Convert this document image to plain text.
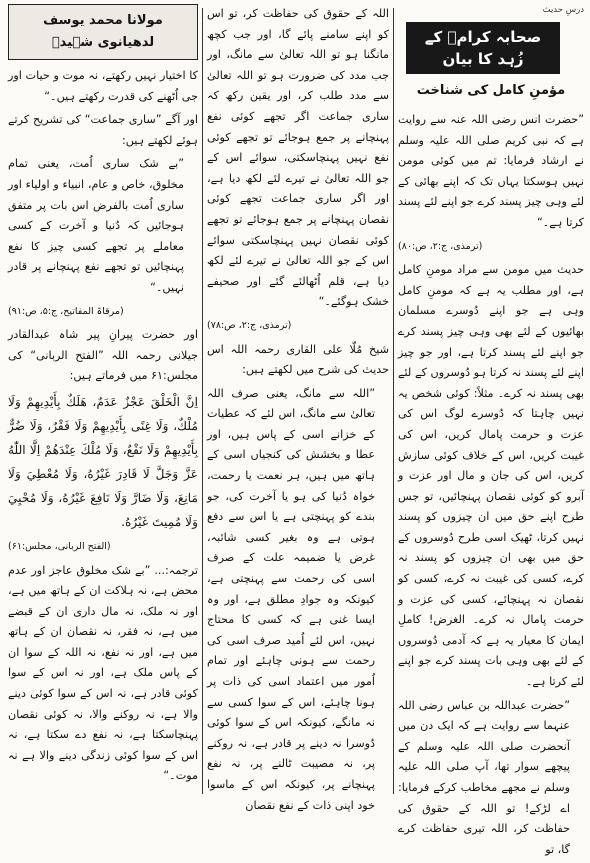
درسِ حدیث
صحابہ کرامؓ کے زُہد کا بیان
مؤمنِ کامل کی شناخت

”حضرت انس رضی اللہ عنہ سے روایت ہے کہ نبی کریم صلی اللہ علیہ وسلم نے ارشاد فرمایا: تم میں کوئی مومن نہیں ہوسکتا یہاں تک کہ اپنے بھائی کے لئے وہی چیز پسند کرے جو اپنے لئے پسند کرتا ہے۔“

(ترمذی، ج:۲، ص:۸۰)

حدیث میں مومن سے مراد مومنِ کامل ہے، اور مطلب یہ ہے کہ مومنِ کامل وہی ہے جو اپنے دُوسرے مسلمان بھائیوں کے لئے بھی وہی چیز پسند کرے جو اپنے لئے پسند کرتا ہے، اور جو چیز اپنے لئے پسند نہ کرتا ہو دُوسروں کے لئے بھی پسند نہ کرے۔ مثلاً: کوئی شخص یہ نہیں چاہتا کہ دُوسرے لوگ اس کی عزت و حرمت پامال کریں، اس کی غیبت کریں، اس کے خلاف کوئی سازش کریں، اس کی جان و مال اور عزت و آبرو کو کوئی نقصان پہنچائیں، تو جس طرح اپنے حق میں ان چیزوں کو پسند نہیں کرتا، ٹھیک اسی طرح دُوسروں کے حق میں بھی ان چیزوں کو پسند نہ کرے، کسی کی غیبت نہ کرے، کسی کو نقصان نہ پہنچائے، کسی کی عزت و حرمت پامال نہ کرے۔ الغرض! کاملِ ایمان کا معیار یہ ہے کہ آدمی دُوسروں کے لئے بھی وہی بات پسند کرے جو اپنے لئے کرتا ہے۔

”حضرت عبداللہ بن عباس رضی اللہ عنہما سے روایت ہے کہ ایک دن میں آنحضرت صلی اللہ علیہ وسلم کے پیچھے سوار تھا، آپ صلی اللہ علیہ وسلم نے مجھے مخاطب کرکے فرمایا: اے لڑکے! تو اللہ کے حقوق کی حفاظت کر، اللہ تیری حفاظت کرے گا، تو

اللہ کے حقوق کی حفاظت کر، تو اس کو اپنے سامنے پائے گا، اور جب کچھ مانگنا ہو تو اللہ تعالیٰ سے مانگ، اور جب مدد کی ضرورت ہو تو اللہ تعالیٰ سے مدد طلب کر، اور یقین رکھ کہ ساری جماعت اگر تجھے کوئی نفع پہنچانے پر جمع ہوجائے تو تجھے کوئی نفع نہیں پہنچاسکتی، سوائے اس کے جو اللہ تعالیٰ نے تیرے لئے لکھ دیا ہے، اور اگر ساری جماعت تجھے کوئی نقصان پہنچانے پر جمع ہوجائے تو تجھے کوئی نقصان نہیں پہنچاسکتی سوائے اس کے جو اللہ تعالیٰ نے تیرے لئے لکھ دیا ہے، قلم اُٹھالئے گئے اور صحیفے خشک ہوگئے۔“

(ترمذی، ج:۲، ص:۷۸)

شیخ مُلّا علی القاری رحمہ اللہ اس حدیث کی شرح میں لکھتے ہیں:

”اللہ سے مانگ، یعنی صرف اللہ تعالیٰ سے مانگ، اس لئے کہ عطیات کے خزانے اسی کے پاس ہیں، اور عطا و بخشش کی کنجیاں اسی کے ہاتھ میں ہیں، ہر نعمت یا رحمت، خواہ دُنیا کی ہو یا آخرت کی، جو بندے کو پہنچتی ہے یا اس سے دفع ہوتی ہے وہ بغیر کسی شائبہ، غرض یا ضمیمہ علت کے صرف اسی کی رحمت سے پہنچتی ہے، کیونکہ وہ جوادِ مطلق ہے، اور وہ ایسا غنی ہے کہ کسی کا محتاج نہیں، اس لئے اُمید صرف اسی کی رحمت سے ہونی چاہئے اور تمام اُمور میں اعتماد اسی کی ذات پر ہونا چاہئے، اس کے سوا کسی سے نہ مانگے، کیونکہ اس کے سوا کوئی دُوسرا نہ دینے پر قادر ہے، نہ روکنے پر، نہ مصیبت ٹالنے پر، نہ نفع پہنچانے پر، کیونکہ اس کے ماسوا خود اپنی ذات کے نفع نقصان

مولانا محمد یوسف لدھیانوی شہیدؒ

کا اختیار نہیں رکھتے، نہ موت و حیات اور جی اُٹھنے کی قدرت رکھتے ہیں۔“

اور آگے ”ساری جماعت“ کی تشریح کرتے ہوئے لکھتے ہیں:

”بے شک ساری اُمت، یعنی تمام مخلوق، خاص و عام، انبیاء و اولیاء اور ساری اُمت بالفرض اس بات پر متفق ہوجائیں کہ دُنیا و آخرت کے کسی معاملے پر تجھے کسی چیز کا نفع پہنچائیں تو تجھے نفع پہنچانے پر قادر نہیں۔“

(مرقاۃ المفاتیح، ج:۵، ص:۹۱)

اور حضرت پیرانِ پیر شاہ عبدالقادر جیلانی رحمہ اللہ ”الفتح الربانی“ کی مجلس:۶۱ میں فرماتے ہیں:

اِنَّ الْخَلْقَ عَجْزٌ عَدَمٌ، هَلَكٌ بِأَيْدِيهِمْ وَلَا مُلْكٌ، وَلَا غِنًى بِأَيْدِيهِمْ وَلَا فَقْرٌ، وَلَا ضُرٌّ بِأَيْدِيهِمْ وَلَا نَفْعٌ، وَلَا مُلْكَ عِنْدَهُمْ اِلَّا اللّٰهُ عَزَّ وَجَلَّ لَا قَادِرَ غَيْرُهُ، وَلَا مُعْطِيَ وَلَا مَانِعَ، وَلَا ضَارَّ وَلَا نَافِعَ غَيْرُهُ، وَلَا مُحْيِيَ وَلَا مُمِيتَ غَيْرُهُ.

(الفتح الربانی، مجلس:۶۱)

ترجمہ:... ”بے شک مخلوق عاجز اور عدم محض ہے، نہ ہلاکت ان کے ہاتھ میں ہے، اور نہ ملک، نہ مال داری ان کے قبضے میں ہے، نہ فقر، نہ نقصان ان کے ہاتھ میں ہے، اور نہ نفع، نہ اللہ کے سوا ان کے پاس ملک ہے، اور نہ اس کے سوا کوئی قادر ہے، نہ اس کے سوا کوئی دینے والا ہے، نہ روکنے والا، نہ کوئی نقصان پہنچاسکتا ہے، نہ نفع دے سکتا ہے، نہ اس کے سوا کوئی زندگی دینے والا ہے نہ موت۔“
